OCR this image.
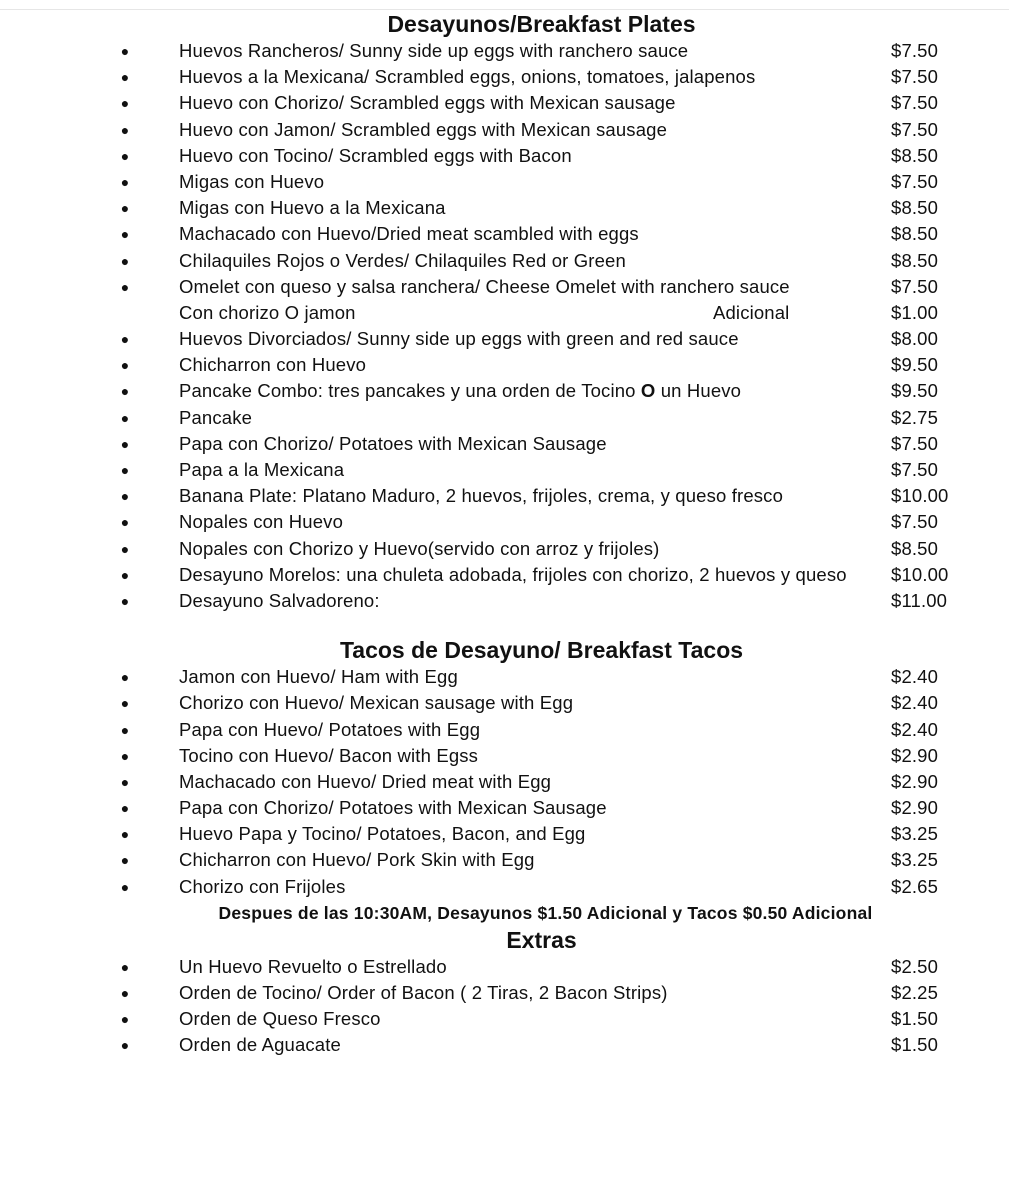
Desayunos/Breakfast Plates
●	Huevos Rancheros/ Sunny side up eggs with ranchero sauce	$7.50
●	Huevos a la Mexicana/ Scrambled eggs, onions, tomatoes, jalapenos	$7.50
●	Huevo con Chorizo/ Scrambled eggs with Mexican sausage	$7.50
●	Huevo con Jamon/ Scrambled eggs with Mexican sausage	$7.50
●	Huevo con Tocino/ Scrambled eggs with Bacon	$8.50
●	Migas con Huevo	$7.50
●	Migas con Huevo a la Mexicana	$8.50
●	Machacado con Huevo/Dried meat scambled with eggs	$8.50
●	Chilaquiles Rojos o Verdes/ Chilaquiles Red or Green	$8.50
●	Omelet con queso y salsa ranchera/ Cheese Omelet with ranchero sauce	$7.50
Con chorizo O jamon	Adicional	$1.00
●	Huevos Divorciados/ Sunny side up eggs with green and red sauce	$8.00
●	Chicharron con Huevo	$9.50
●	Pancake Combo: tres pancakes y una orden de Tocino O un Huevo	$9.50
●	Pancake	$2.75
●	Papa con Chorizo/ Potatoes with Mexican Sausage	$7.50
●	Papa a la Mexicana	$7.50
●	Banana Plate: Platano Maduro, 2 huevos, frijoles, crema, y queso fresco	$10.00
●	Nopales con Huevo	$7.50
●	Nopales con Chorizo y Huevo(servido con arroz y frijoles)	$8.50
●	Desayuno Morelos: una chuleta adobada, frijoles con chorizo, 2 huevos y queso $10.00
●	Desayuno Salvadoreno:	$11.00
Tacos de Desayuno/ Breakfast Tacos
●	Jamon con Huevo/ Ham with Egg	$2.40
●	Chorizo con Huevo/ Mexican sausage with Egg	$2.40
●	Papa con Huevo/ Potatoes with Egg	$2.40
●	Tocino con Huevo/ Bacon with Egss	$2.90
●	Machacado con Huevo/ Dried meat with Egg	$2.90
●	Papa con Chorizo/ Potatoes with Mexican Sausage	$2.90
●	Huevo Papa y Tocino/ Potatoes, Bacon, and Egg	$3.25
●	Chicharron con Huevo/ Pork Skin with Egg	$3.25
●	Chorizo con Frijoles	$2.65
Despues de las 10:30AM, Desayunos $1.50 Adicional y Tacos $0.50 Adicional
Extras
●	Un Huevo Revuelto o Estrellado	$2.50
●	Orden de Tocino/ Order of Bacon ( 2 Tiras, 2 Bacon Strips)	$2.25
●	Orden de Queso Fresco	$1.50
●	Orden de Aguacate	$1.50
